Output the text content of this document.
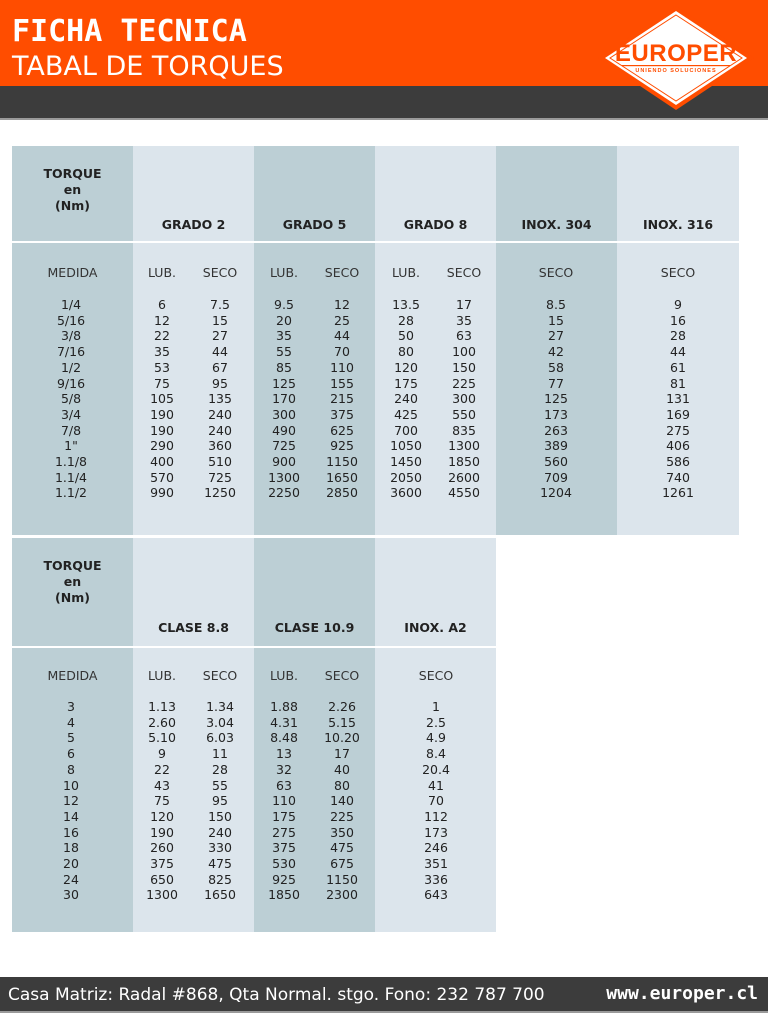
FICHA TECNICA
TABAL DE TORQUES	EUROPER
UNIENDO SOLUCIONES
TORQUE
en
(Nm)
GRADO 2	GRADO 5	GRADO 8	INOX. 304	INOX. 316
MEDIDA	LUB.	SECO	LUB.	SECO	LUB.	SECO	SECO	SECO
1/4	6	7.5	9.5	12	13.5	17	8.5	9
5/16	12	15	20	25	28	35	15	16
3/8	22	27	35	44	50	63	27	28
7/16	35	44	55	70	80	100	42	44
1/2	53	67	85	110	120	150	58	61
9/16	75	95	125	155	175	225	77	81
5/8	105	135	170	215	240	300	125	131
3/4	190	240	300	375	425	550	173	169
7/8	190	240	490	625	700	835	263	275
1"	290	360	725	925	1050	1300	389	406
1.1/8	400	510	900	1150	1450	1850	560	586
1.1/4	570	725	1300	1650	2050	2600	709	740
1.1/2	990	1250	2250	2850	3600	4550	1204	1261
TORQUE
en
(Nm)
CLASE 8.8	CLASE 10.9	INOX. A2
MEDIDA	LUB.	SECO	LUB.	SECO	SECO
3	1.13	1.34	1.88	2.26	1
4	2.60	3.04	4.31	5.15	2.5
5	5.10	6.03	8.48	10.20	4.9
6	9	11	13	17	8.4
8	22	28	32	40	20.4
10	43	55	63	80	41
12	75	95	110	140	70
14	120	150	175	225	112
16	190	240	275	350	173
18	260	330	375	475	246
20	375	475	530	675	351
24	650	825	925	1150	336
30	1300	1650	1850	2300	643
Casa Matriz: Radal #868, Qta Normal. stgo. Fono: 232 787 700	www.europer.cl
